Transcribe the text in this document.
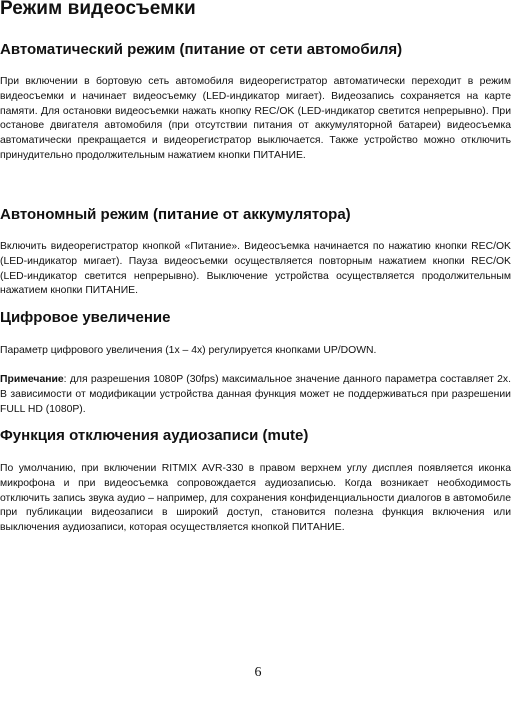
Режим видеосъемки
Автоматический режим (питание от сети автомобиля)

При включении в бортовую сеть автомобиля видеорегистратор автоматически переходит в режим видеосъемки и начинает видеосъемку (LED-индикатор мигает). Видеозапись сохраняется на карте памяти. Для остановки видеосъемки нажать кнопку REC/OK (LED-индикатор светится непрерывно). При останове двигателя автомобиля (при отсутствии питания от аккумуляторной батареи) видеосъемка автоматически прекращается и видеорегистратор выключается. Также устройство можно отключить принудительно продолжительным нажатием кнопки ПИТАНИЕ.

Автономный режим (питание от аккумулятора)

Включить видеорегистратор кнопкой «Питание». Видеосъемка начинается по нажатию кнопки REC/OK (LED-индикатор мигает). Пауза видеосъемки осуществляется повторным нажатием кнопки REC/OK (LED-индикатор светится непрерывно). Выключение устройства осуществляется продолжительным нажатием кнопки ПИТАНИЕ.

Цифровое увеличение

Параметр цифрового увеличения (1x – 4x) регулируется кнопками UP/DOWN.

Примечание: для разрешения 1080P (30fps) максимальное значение данного параметра составляет 2x. В зависимости от модификации устройства данная функция может не поддерживаться при разрешении FULL HD (1080P).

Функция отключения аудиозаписи (mute)

По умолчанию, при включении RITMIX AVR-330 в правом верхнем углу дисплея появляется иконка микрофона и при видеосъемка сопровождается аудиозаписью. Когда возникает необходимость отключить запись звука аудио – например, для сохранения конфиденциальности диалогов в автомобиле при публикации видеозаписи в широкий доступ, становится полезна функция включения или выключения аудиозаписи, которая осуществляется кнопкой ПИТАНИЕ.

6
